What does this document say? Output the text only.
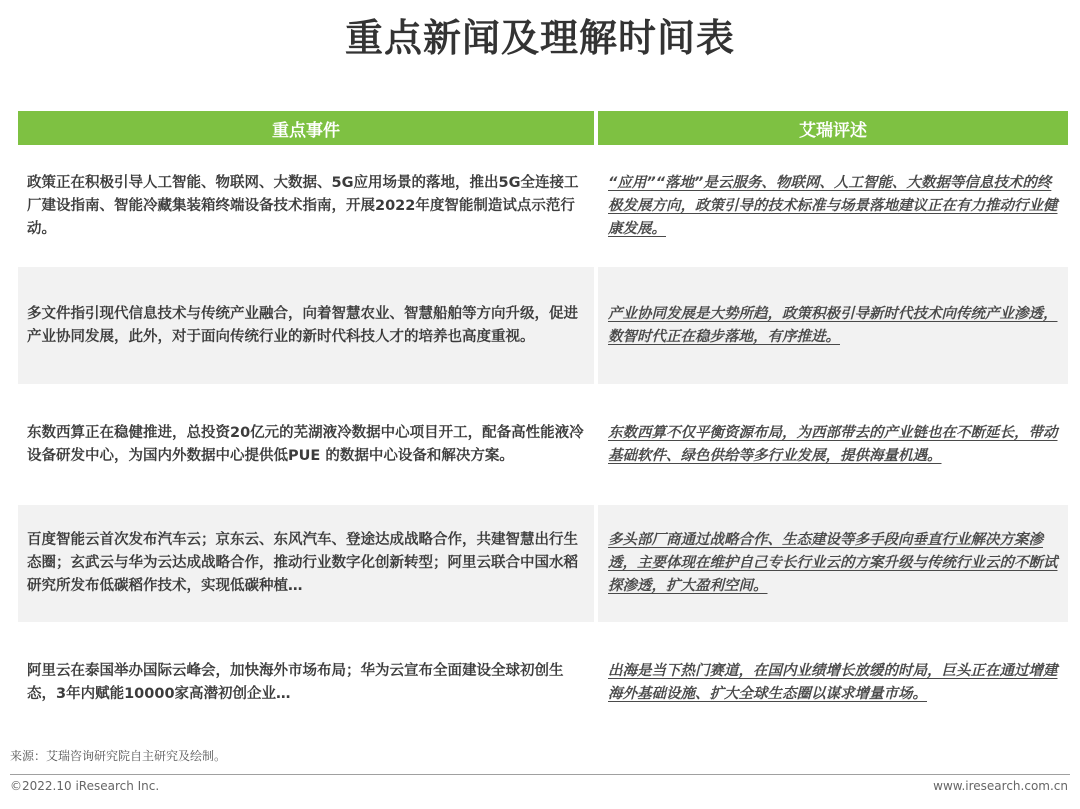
重点新闻及理解时间表
重点事件	艾瑞评述
政策正在积极引导人工智能、物联网、大数据、5G应用场景的落地，推出5G全连接工厂建设指南、智能冷藏集装箱终端设备技术指南，开展2022年度智能制造试点示范行动。
“应用”“落地”是云服务、物联网、人工智能、大数据等信息技术的终极发展方向，政策引导的技术标准与场景落地建议正在有力推动行业健康发展。
多文件指引现代信息技术与传统产业融合，向着智慧农业、智慧船舶等方向升级，促进产业协同发展，此外，对于面向传统行业的新时代科技人才的培养也高度重视。
产业协同发展是大势所趋，政策积极引导新时代技术向传统产业渗透，数智时代正在稳步落地，有序推进。
东数西算正在稳健推进，总投资20亿元的芜湖液冷数据中心项目开工，配备高性能液冷设备研发中心，为国内外数据中心提供低PUE 的数据中心设备和解决方案。
东数西算不仅平衡资源布局，为西部带去的产业链也在不断延长，带动基础软件、绿色供给等多行业发展，提供海量机遇。
百度智能云首次发布汽车云；京东云、东风汽车、登途达成战略合作，共建智慧出行生态圈；玄武云与华为云达成战略合作，推动行业数字化创新转型；阿里云联合中国水稻研究所发布低碳稻作技术，实现低碳种植…
多头部厂商通过战略合作、生态建设等多手段向垂直行业解决方案渗透，主要体现在维护自己专长行业云的方案升级与传统行业云的不断试探渗透，扩大盈利空间。
阿里云在泰国举办国际云峰会，加快海外市场布局；华为云宣布全面建设全球初创生态，3年内赋能10000家高潜初创企业…
出海是当下热门赛道，在国内业绩增长放缓的时局，巨头正在通过增建海外基础设施、扩大全球生态圈以谋求增量市场。
来源：艾瑞咨询研究院自主研究及绘制。
©2022.10 iResearch Inc.	www.iresearch.com.cn
